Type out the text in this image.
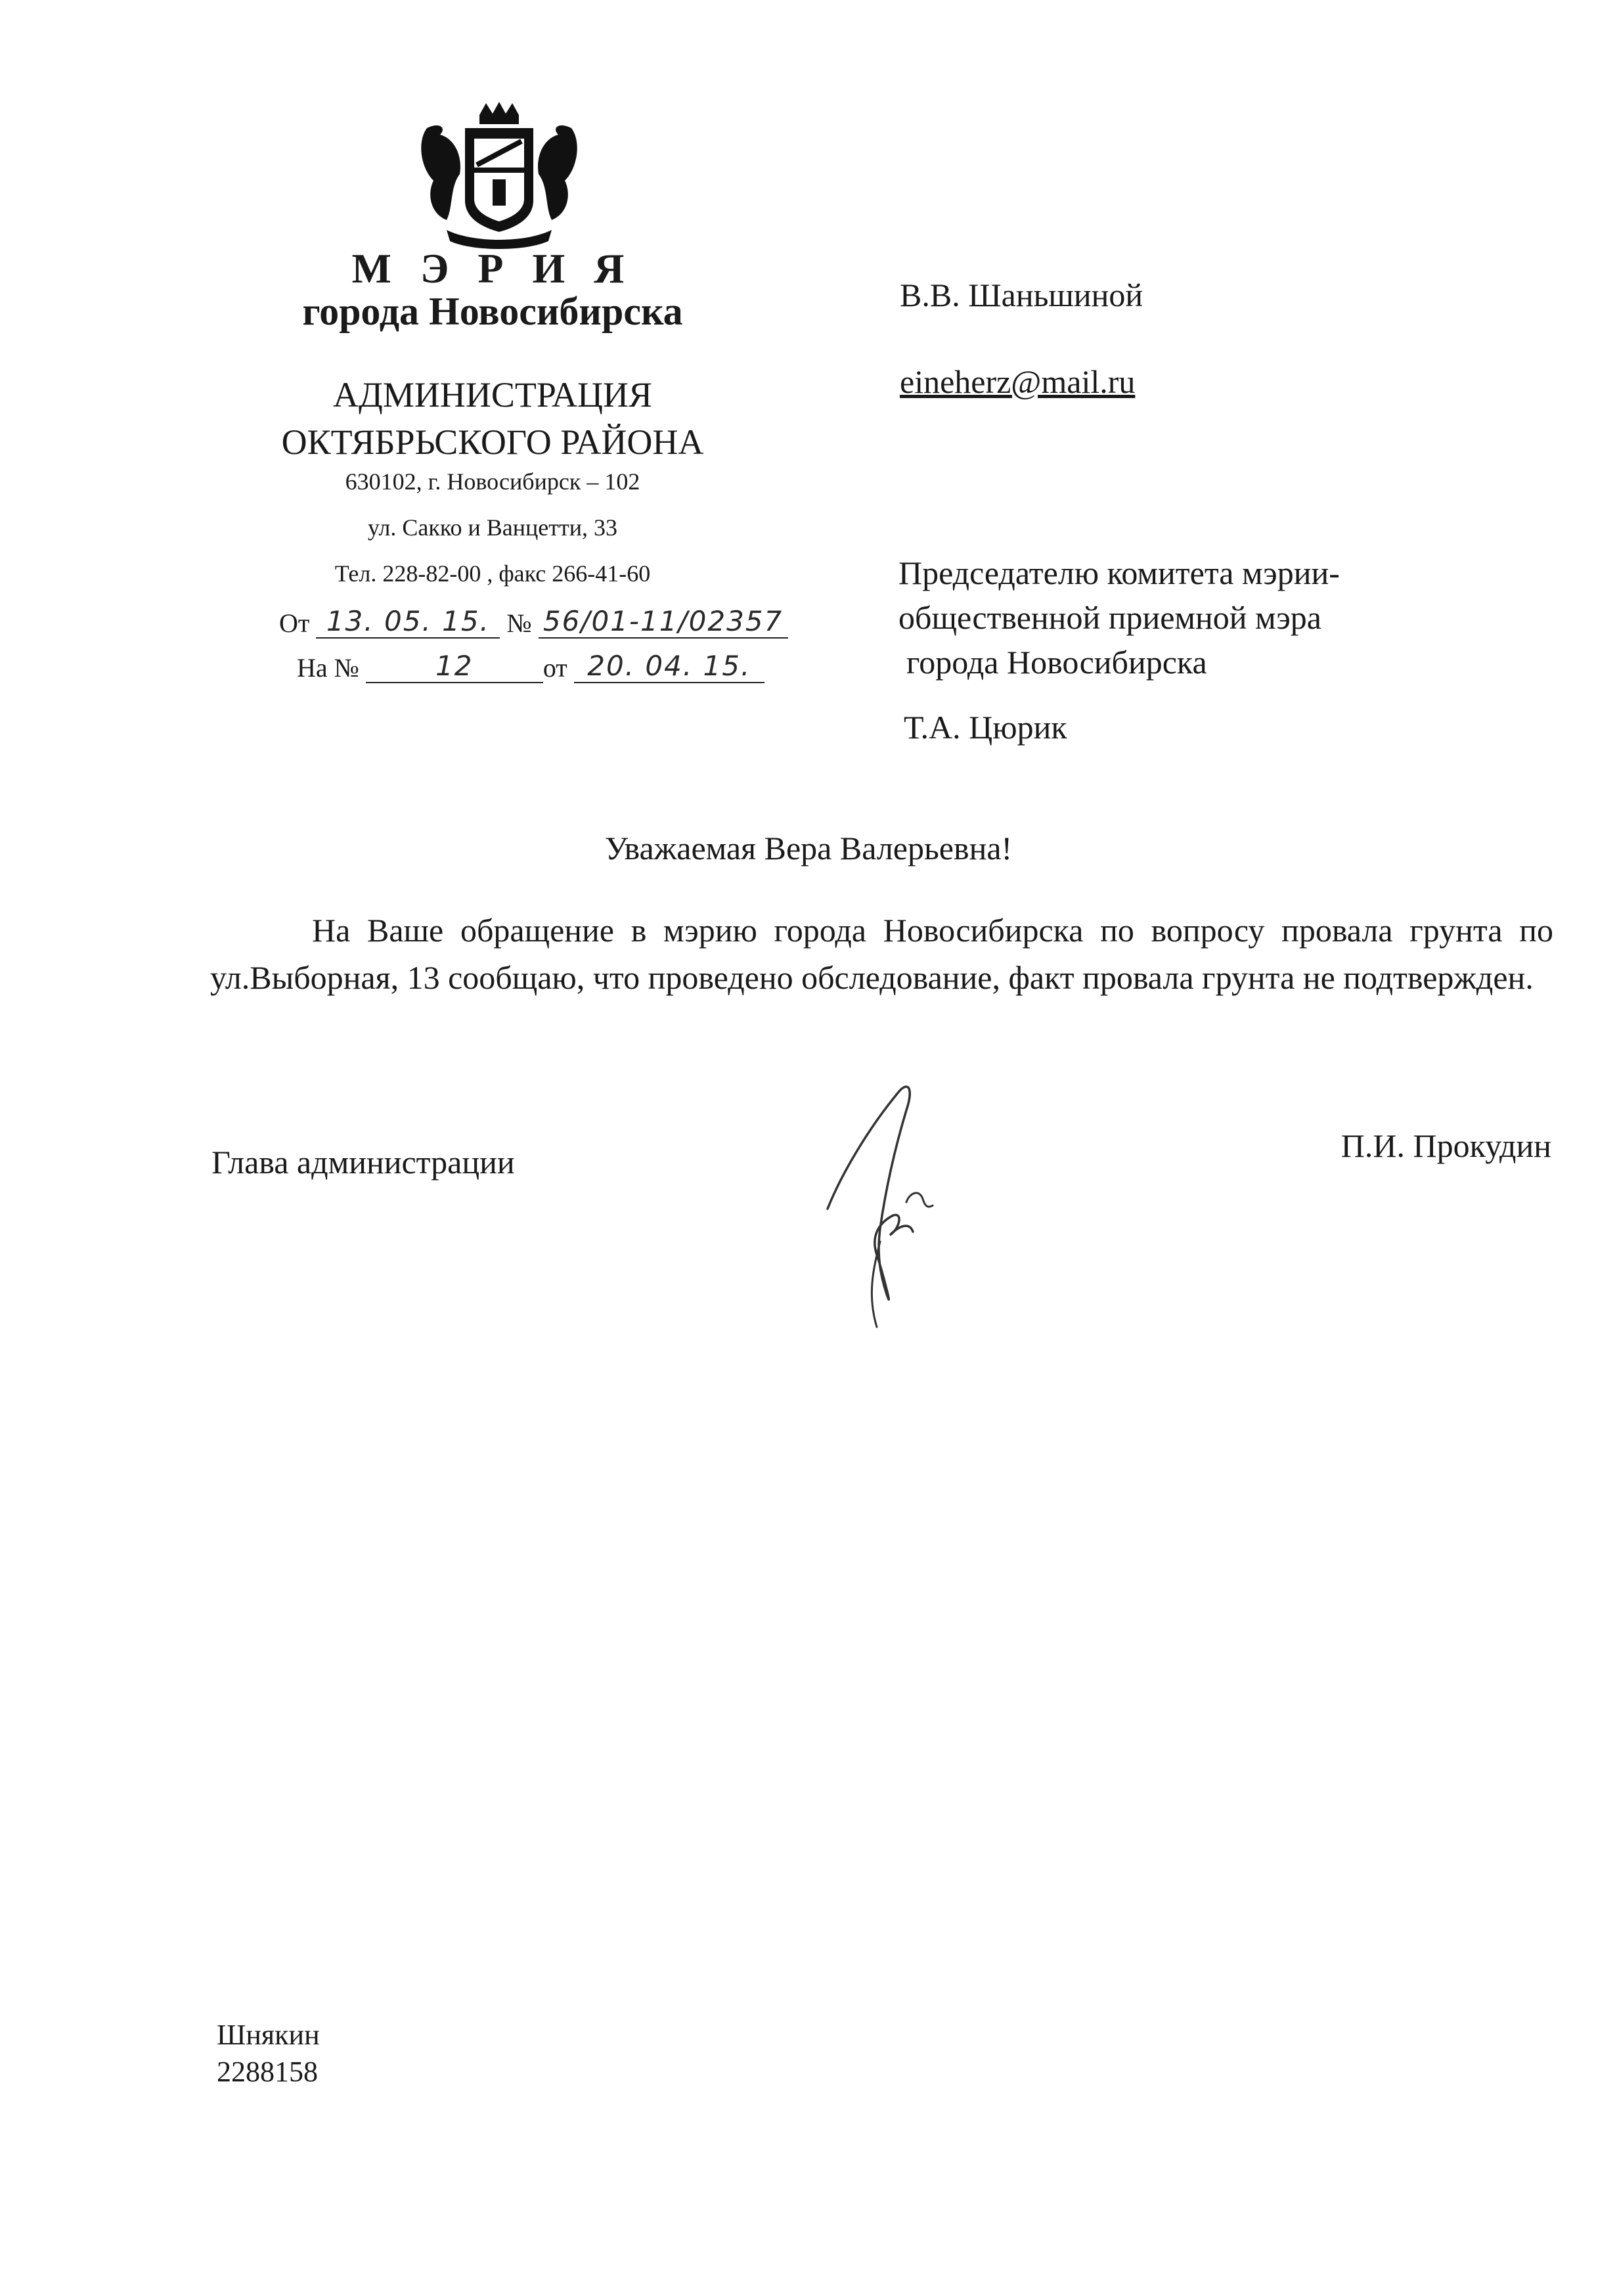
М Э Р И Я
города Новосибирска
АДМИНИСТРАЦИЯ
ОКТЯБРЬСКОГО РАЙОНА
630102, г. Новосибирск – 102
ул. Сакко и Ванцетти, 33
Тел. 228-82-00 , факс 266-41-60
От 13. 05. 15. № 56/01-11/02357
На №	12	от 20. 04. 15.
В.В. Шаньшиной
eineherz@mail.ru
Председателю комитета мэрии-
общественной приемной мэра
города Новосибирска
Т.А. Цюрик
Уважаемая Вера Валерьевна!
На Ваше обращение в мэрию города Новосибирска по вопросу провала грунта по ул.Выборная, 13 сообщаю, что проведено обследование, факт провала грунта не подтвержден.
Глава администрации	П.И. Прокудин
Шнякин
2288158
